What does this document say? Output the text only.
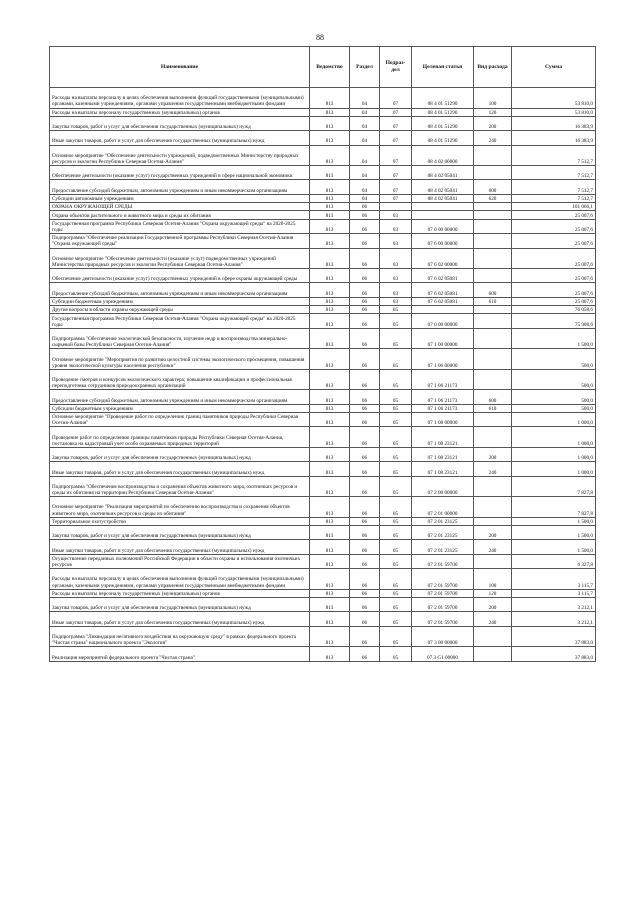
88
Наименование	Ведомство	Раздел	Подраз-дел	Целевая статья	Вид расхода	Сумма
Расходы на выплаты персоналу в целях обеспечения выполнения функций государственными (муниципальными) органами, казенными учреждениями, органами управления государственными внебюджетными фондами	813	04	07	08 4 01 51290	100	53 810,0
Расходы на выплаты персоналу государственных (муниципальных) органов	813	04	07	08 4 01 51290	120	53 810,0
Закупка товаров, работ и услуг для обеспечения государственных (муниципальных) нужд	813	04	07	08 4 01 51290	200	16 383,9
Иные закупки товаров, работ и услуг для обеспечения государственных (муниципальных) нужд	813	04	07	08 4 01 51290	240	16 383,9
Основное мероприятие "Обеспечение деятельности учреждений, подведомственных Министерству природных ресурсов и экологии Республики Северная Осетия-Алания"	813	04	07	08 4 02 00000		7 512,7
Обеспечение деятельности (оказание услуг) государственных учреждений в сфере национальной экономики	813	04	07	08 4 02 05041		7 512,7
Предоставление субсидий бюджетным, автономным учреждениям и иным некоммерческим организациям	813	04	07	08 4 02 05041	600	7 512,7
Субсидии автономным учреждениям	813	04	07	08 4 02 05041	620	7 512,7
ОХРАНА ОКРУЖАЮЩЕЙ СРЕДЫ	813	06				101 066,1
Охрана объектов растительного и животного мира и среды их обитания	813	06	03			25 007,6
Государственная программа Республики Северная Осетия-Алания "Охрана окружающей среды" на 2020-2025 годы	813	06	03	07 0 00 00000		25 007,6
Подпрограмма "Обеспечение реализации Государственной программы Республики Северная Осетия-Алания "Охрана окружающей среды"	813	06	03	07 6 00 00000		25 007,6
Основное мероприятие "Обеспечение деятельности (оказание услуг) подведомственных учреждений Министерства природных ресурсов и экологии Республики Северная Осетия-Алания"	813	06	03	07 6 02 00000		25 007,6
Обеспечение деятельности (оказание услуг) государственных учреждений в сфере охраны окружающей среды	813	06	03	07 6 02 05081		25 007,6
Предоставление субсидий бюджетным, автономным учреждениям и иным некоммерческим организациям	813	06	03	07 6 02 05081	600	25 007,6
Субсидии бюджетным учреждениям	813	06	03	07 6 02 05081	610	25 007,6
Другие вопросы в области охраны окружающей среды	813	06	05			76 058,6
Государственная программа Республики Северная Осетия-Алания "Охрана окружающей среды" на 2020-2025 годы	813	06	05	07 0 00 00000		75 908,6
Подпрограмма "Обеспечение экологической безопасности, изучение недр и воспроизводства минерально-сырьевой базы Республики Северная Осетия-Алания"	813	06	05	07 1 00 00000		1 500,0
Основное мероприятие "Мероприятия по развитию целостной системы экологического просвещения, повышения уровня экологической культуры населения республики"	813	06	05	07 1 06 00000		500,0
Проведение смотров и конкурсов экологического характера; повышение квалификации и профессиональная переподготовка сотрудников природоохранных организаций	813	06	05	07 1 06 21173		500,0
Предоставление субсидий бюджетным, автономным учреждениям и иным некоммерческим организациям	813	06	05	07 1 06 21173	600	500,0
Субсидии бюджетным учреждениям	813	06	05	07 1 06 21173	610	500,0
Основное мероприятие "Проведение работ по определению границ памятников природы Республики Северная Осетия-Алания"	813	06	05	07 1 08 00000		1 000,0
Проведение работ по определению границы памятников природы Республики Северная Осетия-Алания, постановка на кадастровый учет особо охраняемых природных территорий	813	06	05	07 1 08 23121		1 000,0
Закупка товаров, работ и услуг для обеспечения государственных (муниципальных) нужд	813	06	05	07 1 08 23121	200	1 000,0
Иные закупки товаров, работ и услуг для обеспечения государственных (муниципальных) нужд	813	06	05	07 1 08 23121	240	1 000,0
Подпрограмма "Обеспечение воспроизводства и сохранения объектов животного мира, охотничьих ресурсов и среды их обитания на территории Республики Северная Осетия-Алания"	813	06	05	07 2 00 00000		7 827,8
Основное мероприятие "Реализация мероприятий по обеспечению воспроизводства и сохранения объектов животного мира, охотничьих ресурсов и среды их обитания"	813	06	05	07 2 01 00000		7 827,8
Территориальное охотустройство	813	06	05	07 2 01 23125		1 500,0
Закупка товаров, работ и услуг для обеспечения государственных (муниципальных) нужд	813	06	05	07 2 01 23125	200	1 500,0
Иные закупки товаров, работ и услуг для обеспечения государственных (муниципальных) нужд	813	06	05	07 2 01 23125	240	1 500,0
Осуществление переданных полномочий Российской Федерации в области охраны и использования охотничьих ресурсов	813	06	05	07 2 01 59700		6 327,8
Расходы на выплаты персоналу в целях обеспечения выполнения функций государственными (муниципальными) органами, казенными учреждениями, органами управления государственными внебюджетными фондами	813	06	05	07 2 01 59700	100	3 115,7
Расходы на выплаты персоналу государственных (муниципальных) органов	813	06	05	07 2 01 59700	120	3 115,7
Закупка товаров, работ и услуг для обеспечения государственных (муниципальных) нужд	813	06	05	07 2 01 59700	200	3 212,1
Иные закупки товаров, работ и услуг для обеспечения государственных (муниципальных) нужд	813	06	05	07 2 01 59700	240	3 212,1
Подпрограмма "Ликвидация негативного воздействия на окружающую среду" в рамках федерального проекта "Чистая страна" национального проекта "Экология"	813	06	05	07 3 00 00000		37 883,0
Реализация мероприятий федерального проекта "Чистая страна"	813	06	05	07 3 G1 00000		37 883,0
